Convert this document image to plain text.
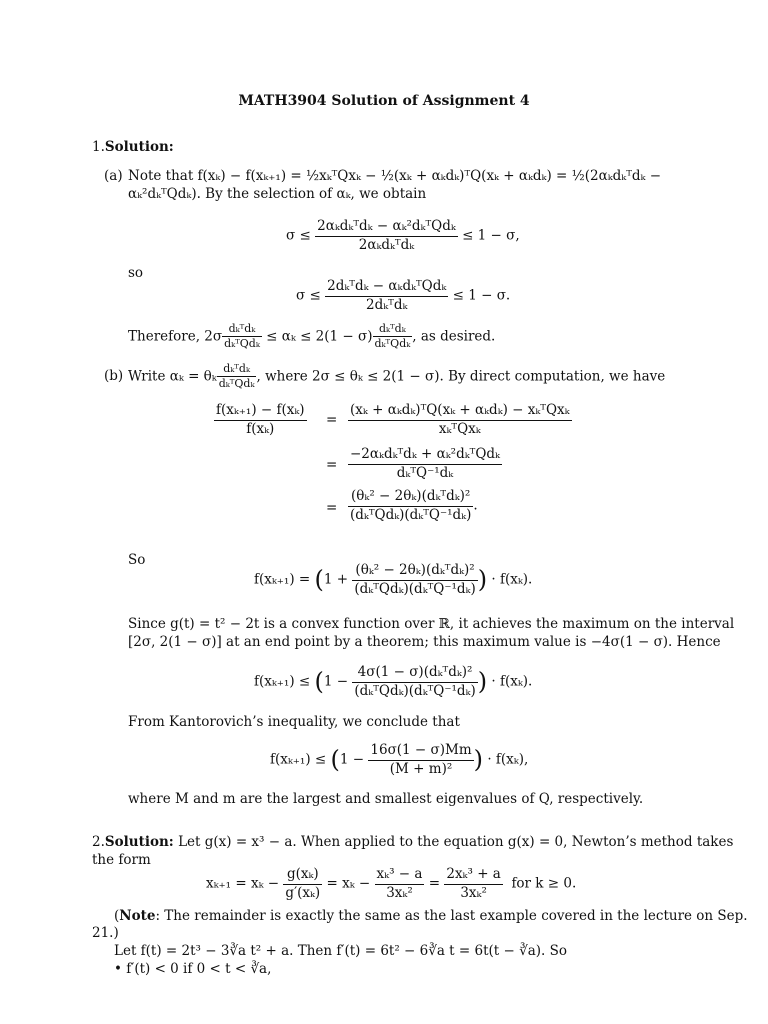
MATH3904 Solution of Assignment 4
1.Solution:
(a) Note that f(xₖ) − f(xₖ₊₁) = ½xₖᵀQxₖ − ½(xₖ + αₖdₖ)ᵀQ(xₖ + αₖdₖ) = ½(2αₖdₖᵀdₖ −
αₖ²dₖᵀQdₖ). By the selection of αₖ, we obtain
$\sigma \le \frac{\text{2αₖdₖᵀdₖ − αₖ²dₖᵀQdₖ}}{\text{2αₖdₖᵀdₖ}} \le 1 - \sigma$,
so
$\sigma \le \frac{\text{2dₖᵀdₖ − αₖdₖᵀQdₖ}}{\text{2dₖᵀdₖ}} \le 1 - \sigma$.
Therefore, $2\sigma \frac{\text{dₖᵀdₖ}}{\text{dₖᵀQdₖ}} \le \alpha_k \le 2(1 - \sigma) \frac{\text{dₖᵀdₖ}}{\text{dₖᵀQdₖ}}$ , as desired.
(b) Write αₖ = θₖ $\frac{\text{dₖᵀdₖ}}{\text{dₖᵀQdₖ}}$ , where 2σ ≤ θₖ ≤ 2(1 − σ). By direct computation, we have
$\frac{\text{f(xₖ₊₁) − f(xₖ)}}{\text{f(xₖ)}} = \frac{\text{(xₖ + αₖdₖ)ᵀQ(xₖ + αₖdₖ) − xₖᵀQxₖ}}{\text{xₖᵀQxₖ}}$
= $\frac{\text{−2αₖdₖᵀdₖ + αₖ²dₖᵀQdₖ}}{\text{dₖᵀQ⁻¹dₖ}}$
= $\frac{\text{(θₖ² − 2θₖ)(dₖᵀdₖ)²}}{\text{(dₖᵀQdₖ)(dₖᵀQ⁻¹dₖ)}}$ .
So
$f(x_{k+1}) = (1 + \frac{\text{(θₖ² − 2θₖ)(dₖᵀdₖ)²}}{\text{(dₖᵀQdₖ)(dₖᵀQ⁻¹dₖ)}}$ ) · f(xₖ).
Since g(t) = t² − 2t is a convex function over ℝ, it achieves the maximum on the interval
[2σ, 2(1 − σ)] at an end point by a theorem; this maximum value is −4σ(1 − σ). Hence
$f(x_{k+1}) \le (1 - \frac{\text{4σ(1 − σ)(dₖᵀdₖ)²}}{\text{(dₖᵀQdₖ)(dₖᵀQ⁻¹dₖ)}}$ ) · f(xₖ).
From Kantorovich’s inequality, we conclude that
$f(x_{k+1}) \le (1 - \frac{16\sigma(1 - \sigma)Mm}{\text{(M + m)²}}$ ) · f(xₖ),
where M and m are the largest and smallest eigenvalues of Q, respectively.
2.Solution: Let g(x) = x³ − a. When applied to the equation g(x) = 0, Newton’s method takes
the form
$x_{k+1} = x_k - \frac{\text{g(xₖ)}}{\text{g′(xₖ)}} = x_k - \frac{\text{xₖ³ − a}}{\text{3xₖ²}} = \frac{\text{2xₖ³ + a}}{\text{3xₖ²}}$ for k ≥ 0.
(Note: The remainder is exactly the same as the last example covered in the lecture on Sep.
21.)
Let f(t) = 2t³ − 3∛a t² + a. Then f′(t) = 6t² − 6∛a t = 6t(t − ∛a). So
• f′(t) < 0 if 0 < t < ∛a,
